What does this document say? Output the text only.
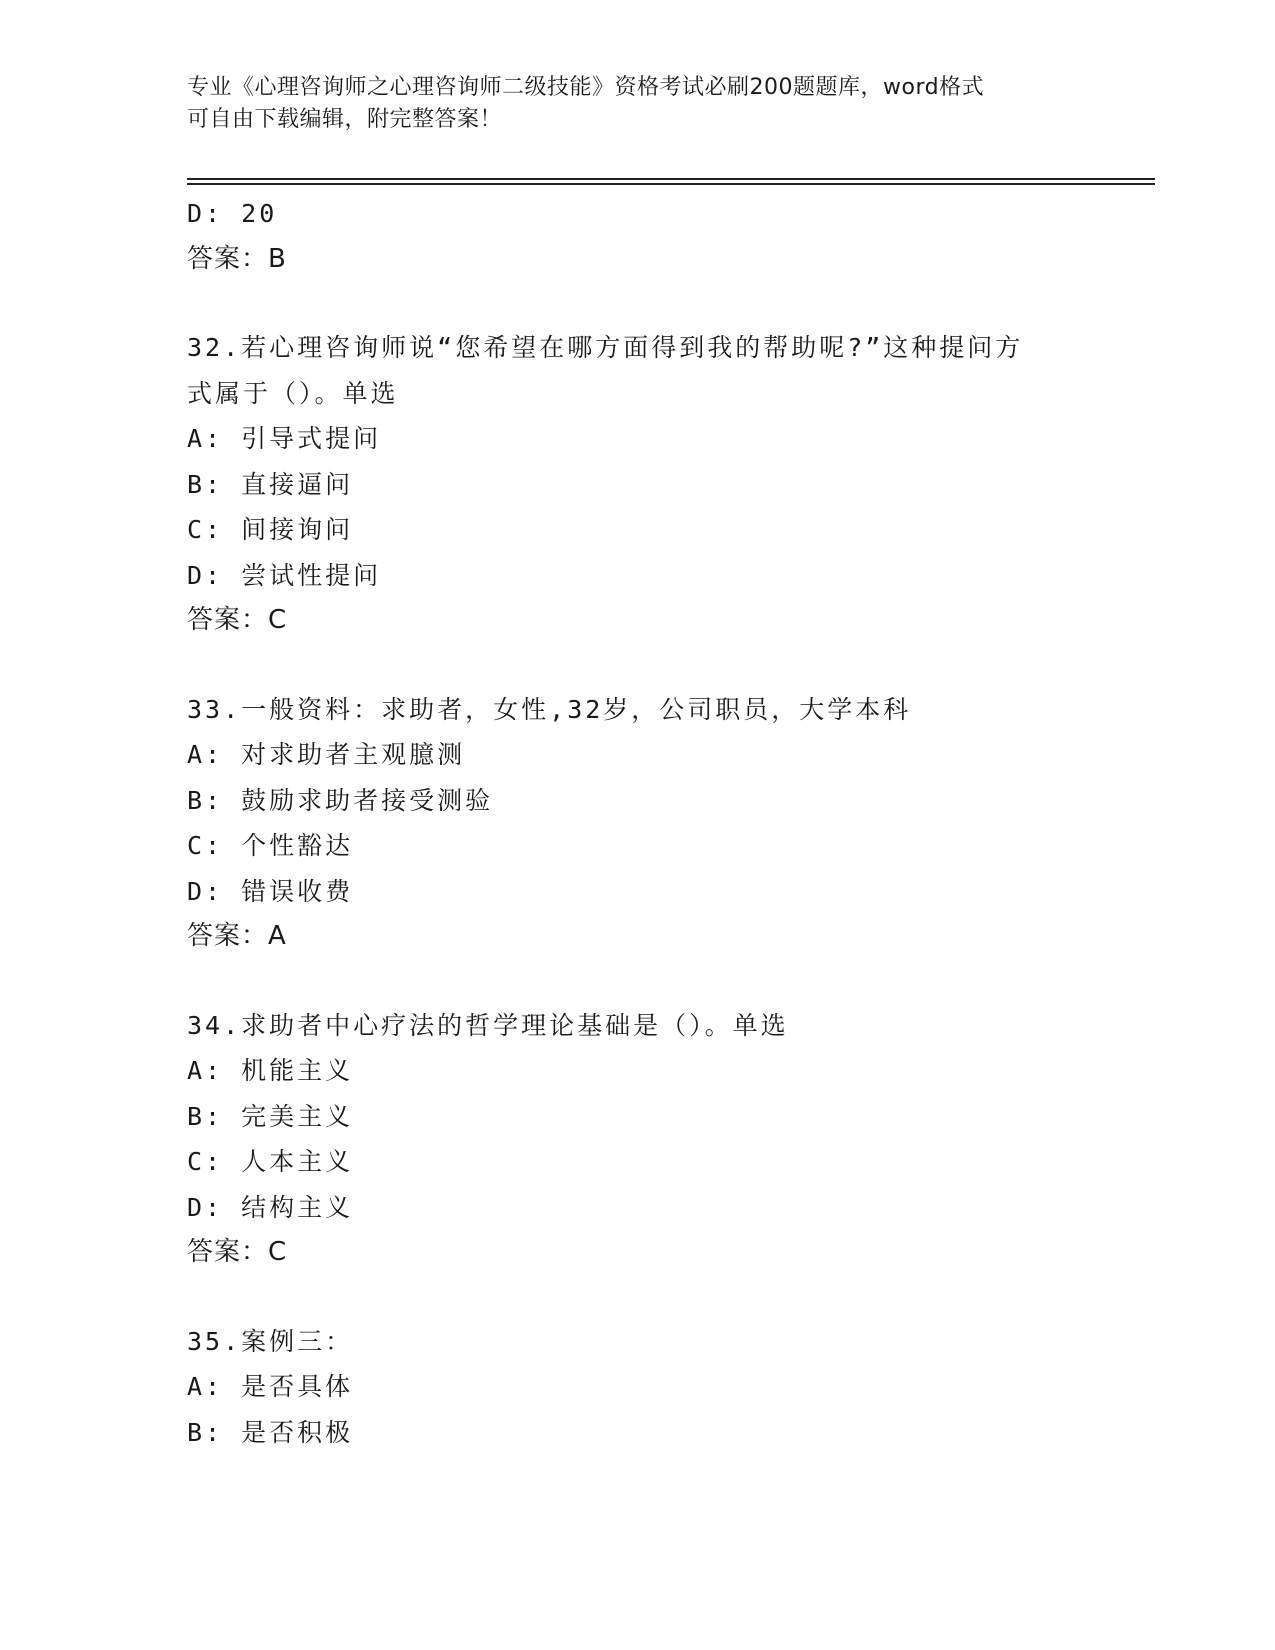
专业《心理咨询师之心理咨询师二级技能》资格考试必刷200题题库，word格式
可自由下载编辑，附完整答案！
D: 20
答案：B
32.若心理咨询师说“您希望在哪方面得到我的帮助呢?”这种提问方
式属于（）。单选
A: 引导式提问
B: 直接逼问
C: 间接询问
D: 尝试性提问
答案：C
33.一般资料：求助者，女性,32岁，公司职员，大学本科
A: 对求助者主观臆测
B: 鼓励求助者接受测验
C: 个性豁达
D: 错误收费
答案：A
34.求助者中心疗法的哲学理论基础是（）。单选
A: 机能主义
B: 完美主义
C: 人本主义
D: 结构主义
答案：C
35.案例三：
A: 是否具体
B: 是否积极
